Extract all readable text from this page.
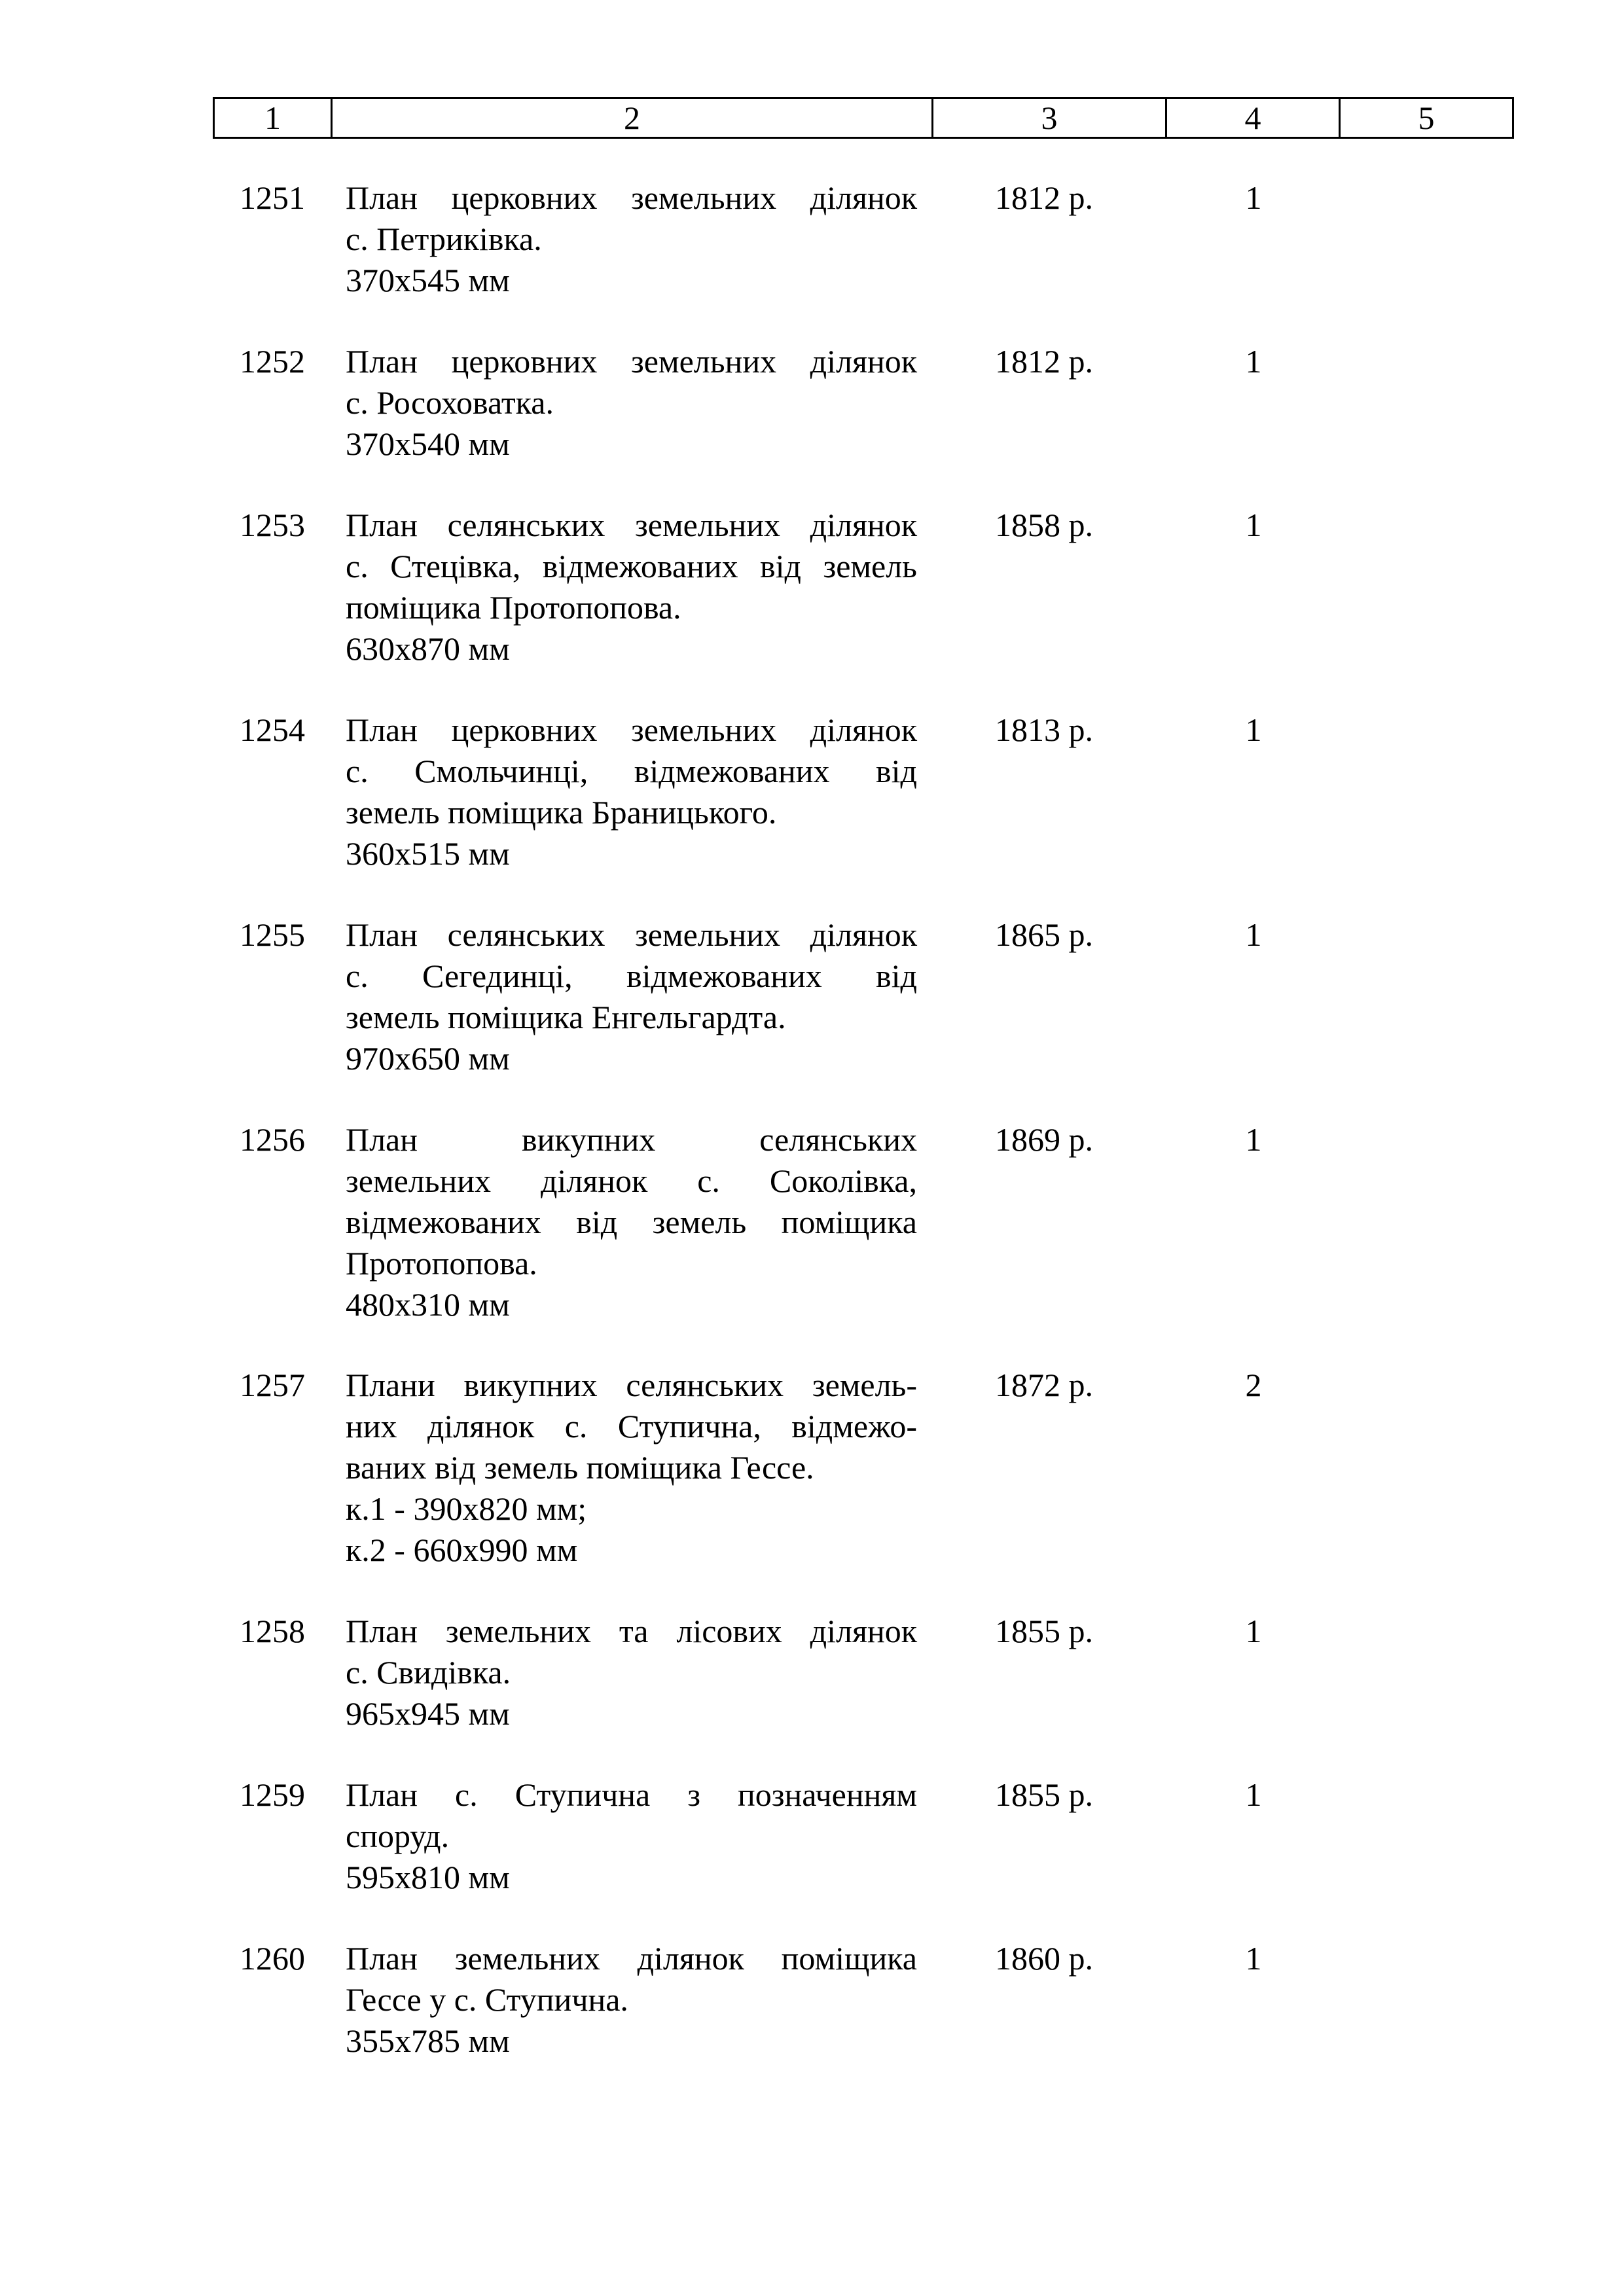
1	2	3	4	5
1251	План церковних земельних ділянок
с. Петриківка.
370х545 мм
1812 р.	1
1252	План церковних земельних ділянок
с. Росоховатка.
370х540 мм
1812 р.	1
1253	План селянських земельних ділянок
с. Стецівка, відмежованих від земель
поміщика Протопопова.
630х870 мм
1858 р.	1
1254	План церковних земельних ділянок
с. Смольчинці, відмежованих від
земель поміщика Браницького.
360х515 мм
1813 р.	1
1255	План селянських земельних ділянок
с. Сегединці, відмежованих від
земель поміщика Енгельгардта.
970х650 мм
1865 р.	1
1256	План викупних селянських
земельних ділянок с. Соколівка,
відмежованих від земель поміщика
Протопопова.
480х310 мм
1869 р.	1
1257	Плани викупних селянських земель-
них ділянок с. Ступична, відмежо-
ваних від земель поміщика Гессе.
к.1 - 390х820 мм;
к.2 - 660х990 мм
1872 р.	2
1258	План земельних та лісових ділянок
с. Свидівка.
965х945 мм
1855 р.	1
1259	План с. Ступична з позначенням
споруд.
595х810 мм
1855 р.	1
1260	План земельних ділянок поміщика
Гессе у с. Ступична.
355х785 мм
1860 р.	1
